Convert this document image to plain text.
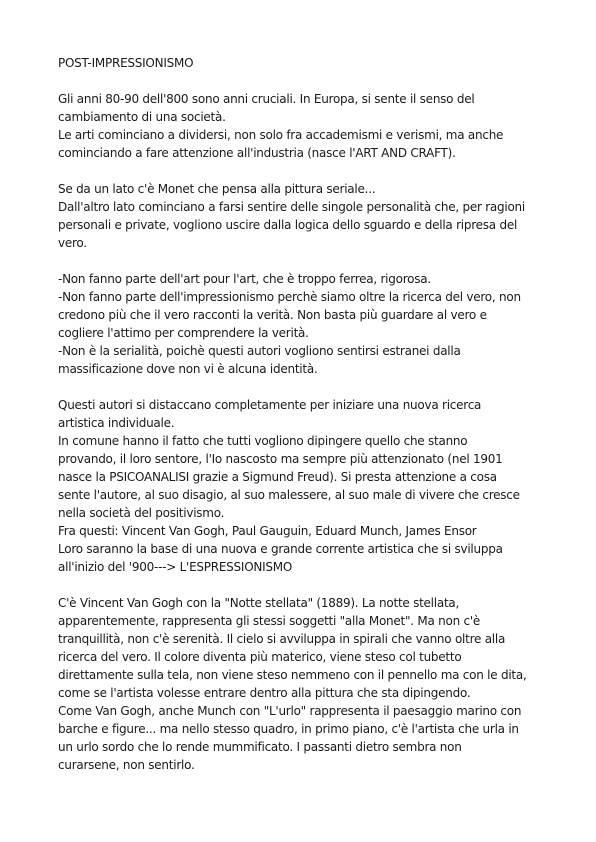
POST-IMPRESSIONISMO
Gli anni 80-90 dell'800 sono anni cruciali. In Europa, si sente il senso del
cambiamento di una società.
Le arti cominciano a dividersi, non solo fra accademismi e verismi, ma anche
cominciando a fare attenzione all'industria (nasce l'ART AND CRAFT).
Se da un lato c'è Monet che pensa alla pittura seriale...
Dall'altro lato cominciano a farsi sentire delle singole personalità che, per ragioni
personali e private, vogliono uscire dalla logica dello sguardo e della ripresa del
vero.
-Non fanno parte dell'art pour l'art, che è troppo ferrea, rigorosa.
-Non fanno parte dell'impressionismo perchè siamo oltre la ricerca del vero, non
credono più che il vero racconti la verità. Non basta più guardare al vero e
cogliere l'attimo per comprendere la verità.
-Non è la serialità, poichè questi autori vogliono sentirsi estranei dalla
massificazione dove non vi è alcuna identità.
Questi autori si distaccano completamente per iniziare una nuova ricerca
artistica individuale.
In comune hanno il fatto che tutti vogliono dipingere quello che stanno
provando, il loro sentore, l'Io nascosto ma sempre più attenzionato (nel 1901
nasce la PSICOANALISI grazie a Sigmund Freud). Si presta attenzione a cosa
sente l'autore, al suo disagio, al suo malessere, al suo male di vivere che cresce
nella società del positivismo.
Fra questi: Vincent Van Gogh, Paul Gauguin, Eduard Munch, James Ensor
Loro saranno la base di una nuova e grande corrente artistica che si sviluppa
all'inizio del '900---> L'ESPRESSIONISMO
C'è Vincent Van Gogh con la "Notte stellata" (1889). La notte stellata,
apparentemente, rappresenta gli stessi soggetti "alla Monet". Ma non c'è
tranquillità, non c'è serenità. Il cielo si avviluppa in spirali che vanno oltre alla
ricerca del vero. Il colore diventa più materico, viene steso col tubetto
direttamente sulla tela, non viene steso nemmeno con il pennello ma con le dita,
come se l'artista volesse entrare dentro alla pittura che sta dipingendo.
Come Van Gogh, anche Munch con "L'urlo" rappresenta il paesaggio marino con
barche e figure... ma nello stesso quadro, in primo piano, c'è l'artista che urla in
un urlo sordo che lo rende mummificato. I passanti dietro sembra non
curarsene, non sentirlo.
